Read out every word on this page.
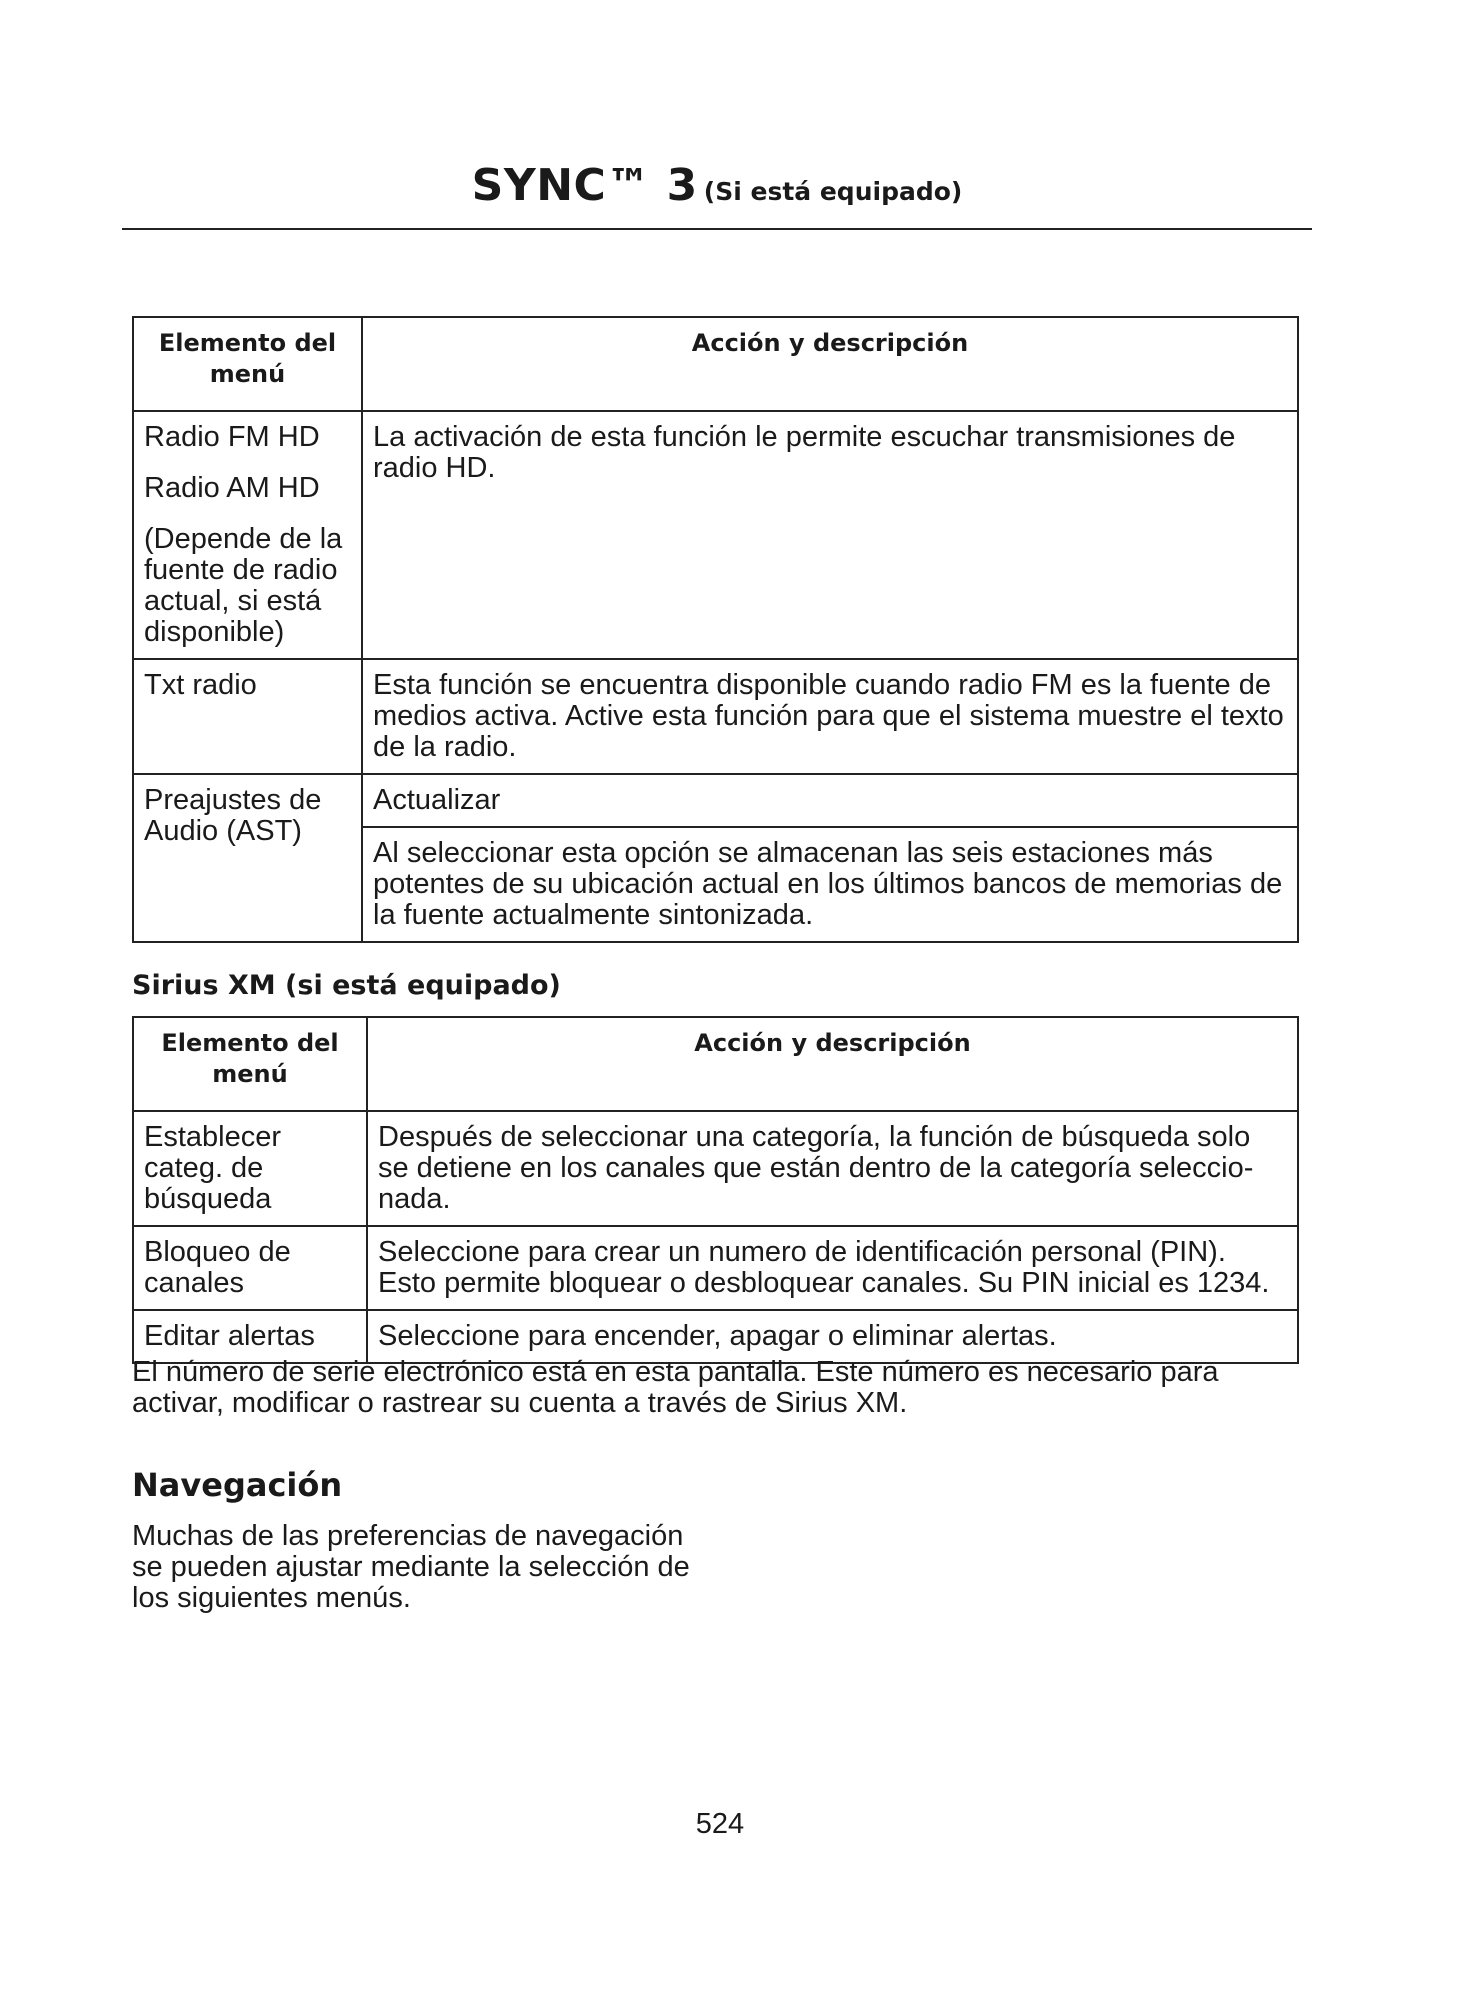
SYNC™ 3 (Si está equipado)
Elemento del menú	Acción y descripción

Radio FM HD

Radio AM HD

(Depende de la fuente de radio actual, si está disponible)	La activación de esta función le permite escuchar transmisiones de radio HD.
Txt radio	Esta función se encuentra disponible cuando radio FM es la fuente de medios activa. Active esta función para que el sistema muestre el texto de la radio.
Preajustes de Audio (AST)	Actualizar
	Al seleccionar esta opción se almacenan las seis estaciones más potentes de su ubicación actual en los últimos bancos de memorias de la fuente actualmente sintonizada.
Sirius XM (si está equipado)
Elemento del menú	Acción y descripción
Establecer categ. de búsqueda	Después de seleccionar una categoría, la función de búsqueda solo se detiene en los canales que están dentro de la categoría seleccionada.
Bloqueo de canales	Seleccione para crear un numero de identificación personal (PIN). Esto permite bloquear o desbloquear canales. Su PIN inicial es 1234.
Editar alertas	Seleccione para encender, apagar o eliminar alertas.

El número de serie electrónico está en esta pantalla. Este número es necesario para activar, modificar o rastrear su cuenta a través de Sirius XM.

Navegación

Muchas de las preferencias de navegación se pueden ajustar mediante la selección de los siguientes menús.

524
